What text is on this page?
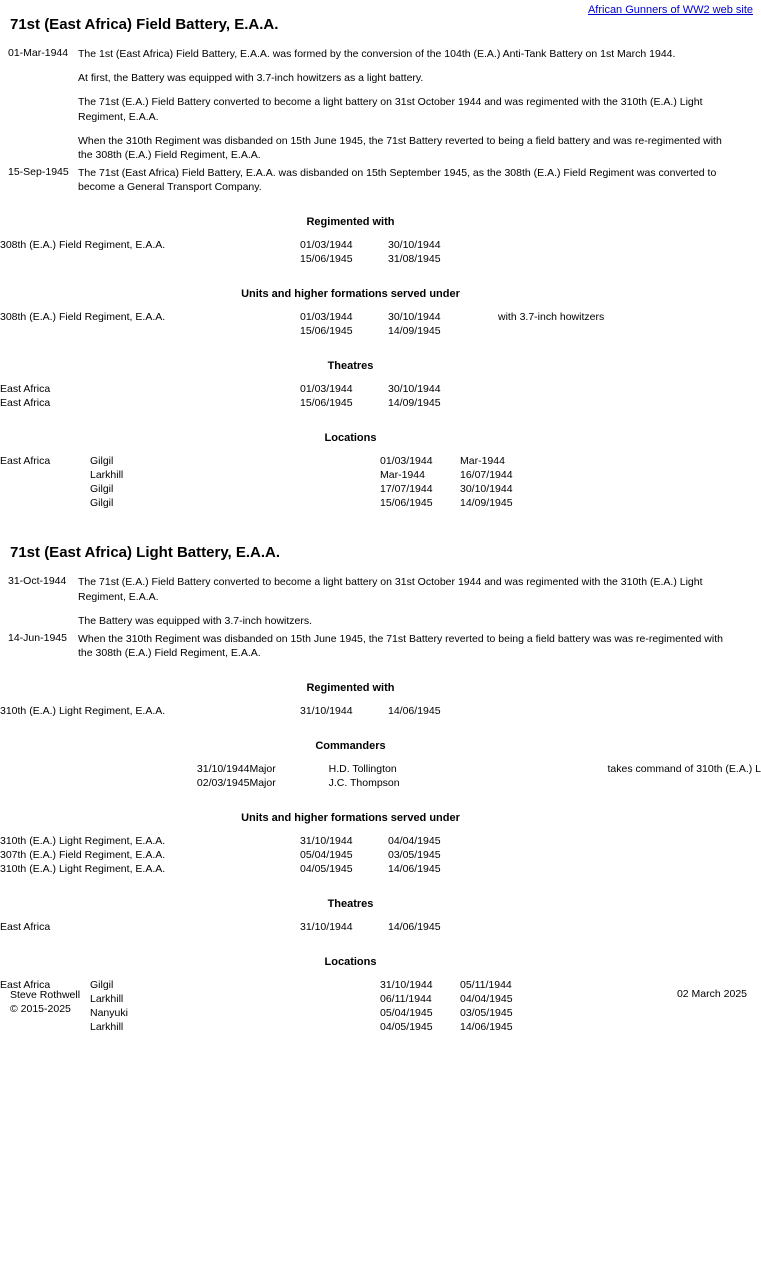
African Gunners of WW2 web site
71st (East Africa) Field Battery, E.A.A.
01-Mar-1944 The 1st (East Africa) Field Battery, E.A.A. was formed by the conversion of the 104th (E.A.) Anti-Tank Battery on 1st March 1944.

At first, the Battery was equipped with 3.7-inch howitzers as a light battery.

The 71st (E.A.) Field Battery converted to become a light battery on 31st October 1944 and was regimented with the 310th (E.A.) Light Regiment, E.A.A.

When the 310th Regiment was disbanded on 15th June 1945, the 71st Battery reverted to being a field battery and was re-regimented with the 308th (E.A.) Field Regiment, E.A.A.

15-Sep-1945 The 71st (East Africa) Field Battery, E.A.A. was disbanded on 15th September 1945, as the 308th (E.A.) Field Regiment was converted to become a General Transport Company.

Regimented with
308th (E.A.) Field Regiment, E.A.A.	01/03/1944	30/10/1944	
	15/06/1945	31/08/1945	
Units and higher formations served under
308th (E.A.) Field Regiment, E.A.A.	01/03/1944	30/10/1944	with 3.7-inch howitzers
	15/06/1945	14/09/1945	
Theatres
East Africa	01/03/1944	30/10/1944	
East Africa	15/06/1945	14/09/1945	
Locations
East Africa	Gilgil	01/03/1944	Mar-1944
	Larkhill	Mar-1944	16/07/1944
	Gilgil	17/07/1944	30/10/1944
	Gilgil	15/06/1945	14/09/1945
71st (East Africa) Light Battery, E.A.A.
31-Oct-1944	The 71st (E.A.) Field Battery converted to become a light battery on 31st October 1944 and was regimented with the 310th (E.A.) Light Regiment, E.A.A.

The Battery was equipped with 3.7-inch howitzers.

14-Jun-1945	When the 310th Regiment was disbanded on 15th June 1945, the 71st Battery reverted to being a field battery was was re-regimented with the 308th (E.A.) Field Regiment, E.A.A.

Regimented with
310th (E.A.) Light Regiment, E.A.A.	31/10/1944	14/06/1945	
Commanders
31/10/1944	Major	H.D. Tollington	takes command of 310th (E.A.) L
02/03/1945	Major	J.C. Thompson	
Units and higher formations served under
310th (E.A.) Light Regiment, E.A.A.	31/10/1944	04/04/1945	
307th (E.A.) Field Regiment, E.A.A.	05/04/1945	03/05/1945	
310th (E.A.) Light Regiment, E.A.A.	04/05/1945	14/06/1945	
Theatres
East Africa	31/10/1944	14/06/1945	
Locations
East Africa	Gilgil	31/10/1944	05/11/1944
	Larkhill	06/11/1944	04/04/1945
	Nanyuki	05/04/1945	03/05/1945
	Larkhill	04/05/1945	14/06/1945
Steve Rothwell
© 2015-2025
02 March 2025
